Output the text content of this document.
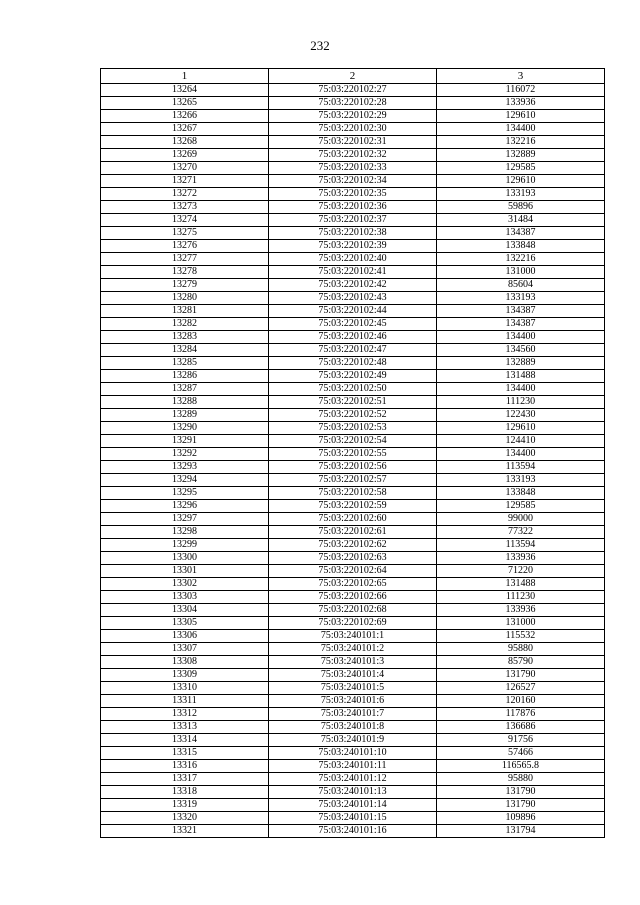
232
1	2	3
13264	75:03:220102:27	116072
13265	75:03:220102:28	133936
13266	75:03:220102:29	129610
13267	75:03:220102:30	134400
13268	75:03:220102:31	132216
13269	75:03:220102:32	132889
13270	75:03:220102:33	129585
13271	75:03:220102:34	129610
13272	75:03:220102:35	133193
13273	75:03:220102:36	59896
13274	75:03:220102:37	31484
13275	75:03:220102:38	134387
13276	75:03:220102:39	133848
13277	75:03:220102:40	132216
13278	75:03:220102:41	131000
13279	75:03:220102:42	85604
13280	75:03:220102:43	133193
13281	75:03:220102:44	134387
13282	75:03:220102:45	134387
13283	75:03:220102:46	134400
13284	75:03:220102:47	134560
13285	75:03:220102:48	132889
13286	75:03:220102:49	131488
13287	75:03:220102:50	134400
13288	75:03:220102:51	111230
13289	75:03:220102:52	122430
13290	75:03:220102:53	129610
13291	75:03:220102:54	124410
13292	75:03:220102:55	134400
13293	75:03:220102:56	113594
13294	75:03:220102:57	133193
13295	75:03:220102:58	133848
13296	75:03:220102:59	129585
13297	75:03:220102:60	99000
13298	75:03:220102:61	77322
13299	75:03:220102:62	113594
13300	75:03:220102:63	133936
13301	75:03:220102:64	71220
13302	75:03:220102:65	131488
13303	75:03:220102:66	111230
13304	75:03:220102:68	133936
13305	75:03:220102:69	131000
13306	75:03:240101:1	115532
13307	75:03:240101:2	95880
13308	75:03:240101:3	85790
13309	75:03:240101:4	131790
13310	75:03:240101:5	126527
13311	75:03:240101:6	120160
13312	75:03:240101:7	117876
13313	75:03:240101:8	136686
13314	75:03:240101:9	91756
13315	75:03:240101:10	57466
13316	75:03:240101:11	116565.8
13317	75:03:240101:12	95880
13318	75:03:240101:13	131790
13319	75:03:240101:14	131790
13320	75:03:240101:15	109896
13321	75:03:240101:16	131794
